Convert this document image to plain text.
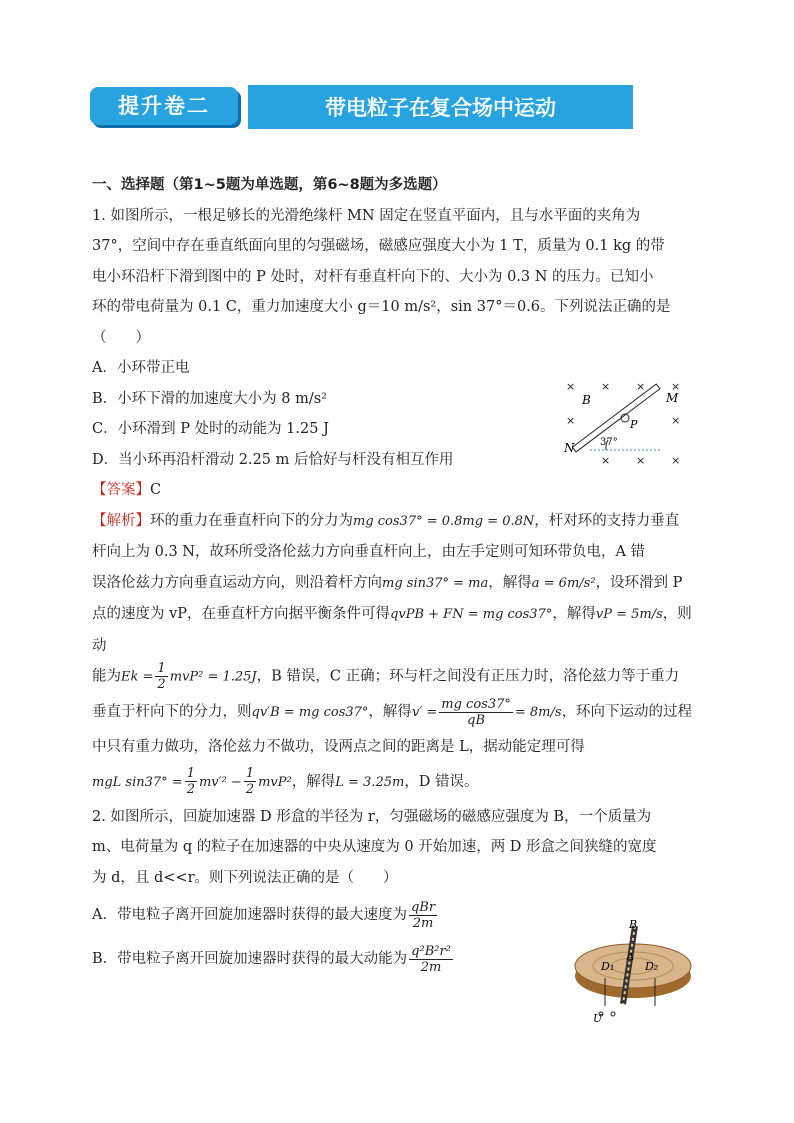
提升卷二	带电粒子在复合场中运动

一、选择题（第1~5题为单选题，第6~8题为多选题）

1. 如图所示，一根足够长的光滑绝缘杆 MN 固定在竖直平面内，且与水平面的夹角为

37°，空间中存在垂直纸面向里的匀强磁场，磁感应强度大小为 1 T，质量为 0.1 kg 的带

电小环沿杆下滑到图中的 P 处时，对杆有垂直杆向下的、大小为 0.3 N 的压力。已知小

环的带电荷量为 0.1 C，重力加速度大小 g＝10 m/s²，sin 37°＝0.6。下列说法正确的是

（　　）

A．小环带正电

B．小环下滑的加速度大小为 8 m/s²

C．小环滑到 P 处时的动能为 1.25 J

D．当小环再沿杆滑动 2.25 m 后恰好与杆没有相互作用

【答案】C

【解析】环的重力在垂直杆向下的分力为mg cos37° = 0.8mg = 0.8N，杆对环的支持力垂直

杆向上为 0.3 N，故环所受洛伦兹力方向垂直杆向上，由左手定则可知环带负电，A 错

误洛伦兹力方向垂直运动方向，则沿着杆方向mg sin37° = ma，解得a = 6m/s²，设环滑到 P

点的速度为 vP，在垂直杆方向据平衡条件可得qvPB + FN = mg cos37°，解得vP = 5m/s，则动

能为$Ek = \frac{1}{2} mvP^2 = 1.25J$，B 错误，C 正确；环与杆之间没有正压力时，洛伦兹力等于重力

垂直于杆向下的分力，则qv′B = mg cos37°，解得$v' = \frac{\text{mg cos37°}}{qB} = 8m/s$，环向下运动的过程

中只有重力做功，洛伦兹力不做功，设两点之间的距离是 L，据动能定理可得

mgL $\sin 37^\circ = \frac{1}{2} mv'^2 - \frac{1}{2} mvP^2$，解得L = 3.25m，D 错误。

2. 如图所示，回旋加速器 D 形盒的半径为 r，匀强磁场的磁感应强度为 B，一个质量为

m、电荷量为 q 的粒子在加速器的中央从速度为 0 开始加速，两 D 形盒之间狭缝的宽度

为 d，且 d<<r。则下列说法正确的是（　　）

A．带电粒子离开回旋加速器时获得的最大速度为 $\frac{\text{qBr}}{2m}$

B．带电粒子离开回旋加速器时获得的最大动能为 $\frac{\text{q²B²r²}}{2m}$

× × × ×
×	×
× × ×
N
M
B
P
37°
B
A
D₁	D₂
U
